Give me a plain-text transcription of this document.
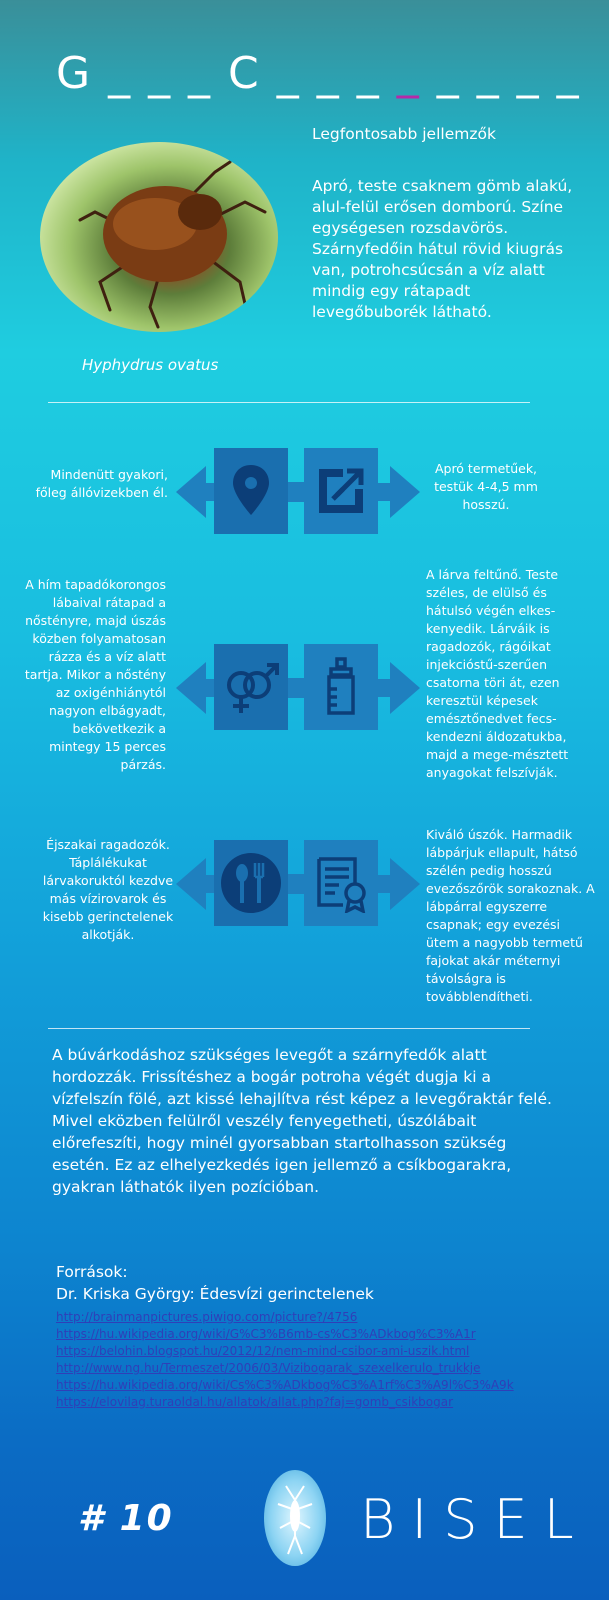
G _ _ _ C _ _ _ _ _ _ _ _
Hyphydrus ovatus
Legfontosabb jellemzők
Apró, teste csaknem gömb alakú, alul-felül erősen domború. Színe egységesen rozsdavörös. Szárnyfedőin hátul rövid kiugrás van, potrohcsúcsán a víz alatt mindig egy rátapadt levegőbuborék látható.
Mindenütt gyakori, főleg állóvizekben él.
Apró termetűek, testük 4-4,5 mm hosszú.
A hím tapadókorongos lábaival rátapad a nőstényre, majd úszás közben folyamatosan rázza és a víz alatt tartja. Mikor a nőstény az oxigénhiánytól nagyon elbágyadt, bekövetkezik a mintegy 15 perces párzás.
A lárva feltűnő. Teste széles, de elülső és hátulsó végén elkes-kenyedik. Lárváik is ragadozók, rágóikat injekcióstű-szerűen csatorna töri át, ezen keresztül képesek emésztőnedvet fecs-kendezni áldozatukba, majd a mege-mésztett anyagokat felszívják.
Éjszakai ragadozók. Táplálékukat lárvakoruktól kezdve más vízirovarok és kisebb gerinctelenek alkotják.
Kiváló úszók. Harmadik lábpárjuk ellapult, hátsó szélén pedig hosszú evezőszőrök sorakoznak. A lábpárral egyszerre csapnak; egy evezési ütem a nagyobb termetű fajokat akár méternyi távolságra is továbblendítheti.
A búvárkodáshoz szükséges levegőt a szárnyfedők alatt hordozzák. Frissítéshez a bogár potroha végét dugja ki a vízfelszín fölé, azt kissé lehajlítva rést képez a levegőraktár felé. Mivel eközben felülről veszély fenyegetheti, úszólábait előrefeszíti, hogy minél gyorsabban startolhasson szükség esetén. Ez az elhelyezkedés igen jellemző a csíkbogarakra, gyakran láthatók ilyen pozícióban.
Források:
Dr. Kriska György: Édesvízi gerinctelenek
http://brainmanpictures.piwigo.com/picture?/4756
https://hu.wikipedia.org/wiki/G%C3%B6mb-cs%C3%ADkbog%C3%A1r
https://belohin.blogspot.hu/2012/12/nem-mind-csibor-ami-uszik.html
http://www.ng.hu/Termeszet/2006/03/Vizibogarak_szexelkerulo_trukkje
https://hu.wikipedia.org/wiki/Cs%C3%ADkbog%C3%A1rf%C3%A9l%C3%A9k
https://elovilag.turaoldal.hu/allatok/allat.php?faj=gomb_csikbogar
# 10	BISEL
